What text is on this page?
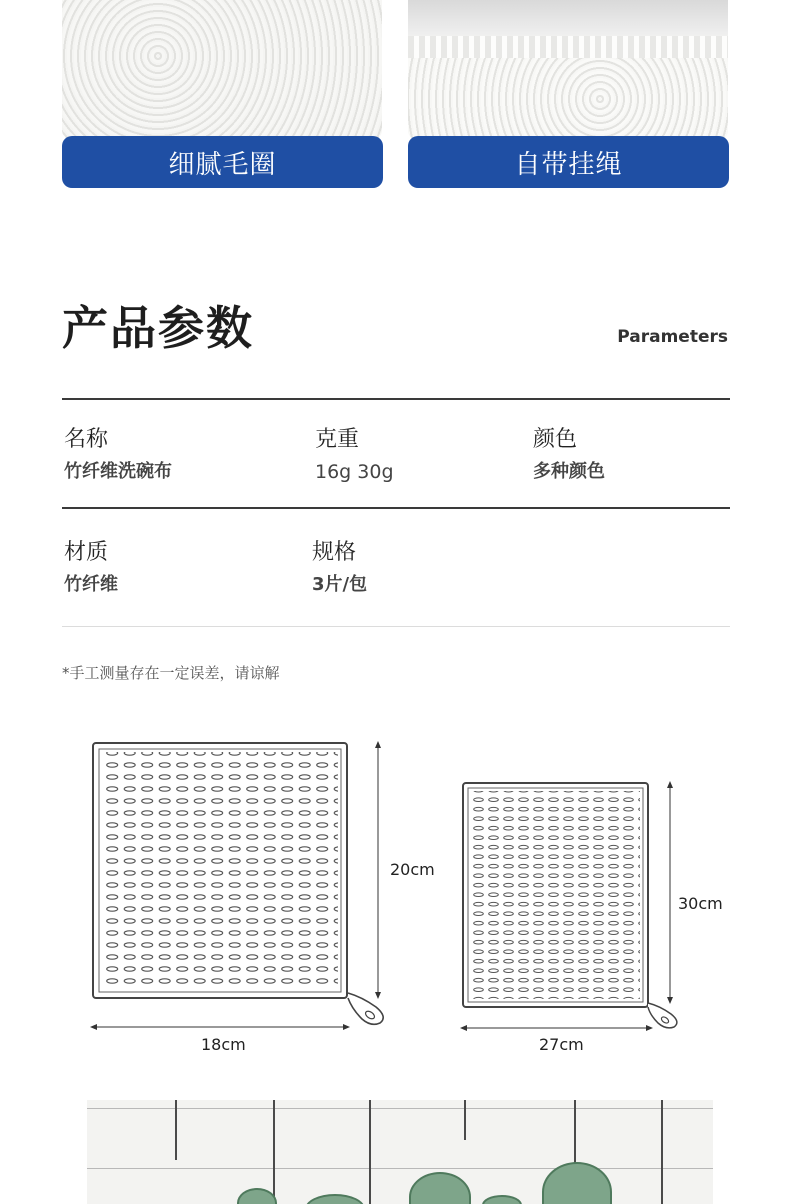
细腻毛圈	自带挂绳
产品参数	Parameters
名称
竹纤维洗碗布
克重
16g 30g
颜色
多种颜色
材质
竹纤维
规格
3片/包
*手工测量存在一定误差，请谅解
20cm
18cm
30cm
27cm
